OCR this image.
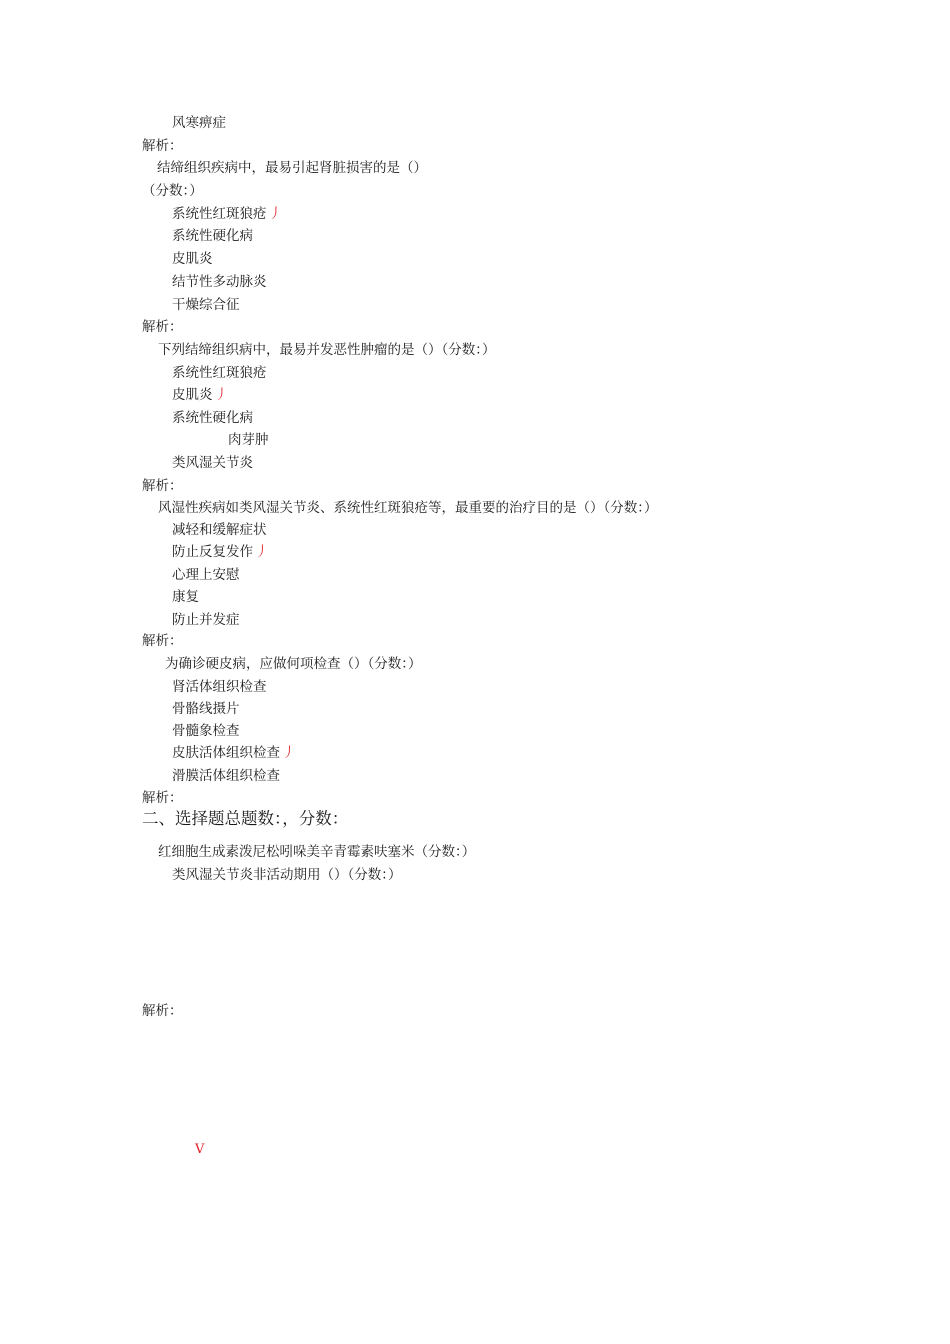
风寒痹症
解析：
结缔组织疾病中，最易引起肾脏损害的是（）
（分数：）
系统性红斑狼疮 丿
系统性硬化病
皮肌炎
结节性多动脉炎
干燥综合征
解析：
下列结缔组织病中，最易并发恶性肿瘤的是（）（分数：）
系统性红斑狼疮
皮肌炎 丿
系统性硬化病
肉芽肿
类风湿关节炎
解析：
风湿性疾病如类风湿关节炎、系统性红斑狼疮等，最重要的治疗目的是（）（分数：）
减轻和缓解症状
防止反复发作 丿
心理上安慰
康复
防止并发症
解析：
为确诊硬皮病，应做何项检查（）（分数：）
肾活体组织检查
骨骼线摄片
骨髓象检查
皮肤活体组织检查 丿
滑膜活体组织检查
解析：
二、选择题总题数：，分数：
红细胞生成素泼尼松吲哚美辛青霉素呋塞米（分数：）
类风湿关节炎非活动期用（）（分数：）
解析：
V
